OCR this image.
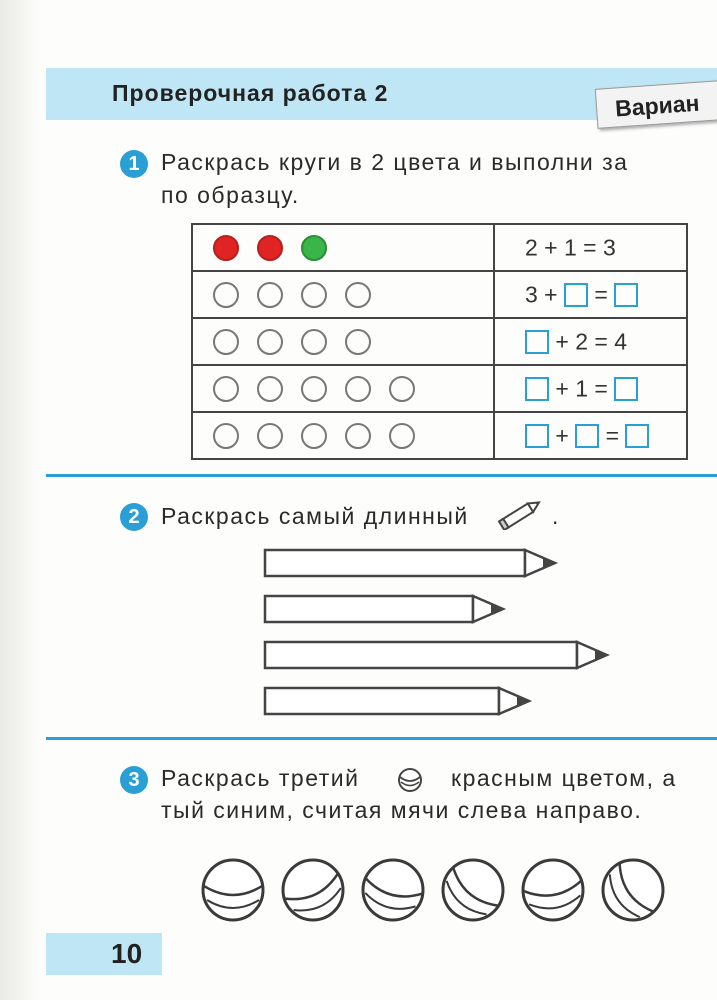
Проверочная работа 2	Вариан
1 Раскрась круги в 2 цвета и выполни за
по образцу.
	2 + 1 = 3
	3 +  =
	+ 2 = 4
	+ 1 =
	+  =
2 Раскрась самый длинный	.
3 Раскрась третий	красным цветом, а
тый синим, считая мячи слева направо.
10
